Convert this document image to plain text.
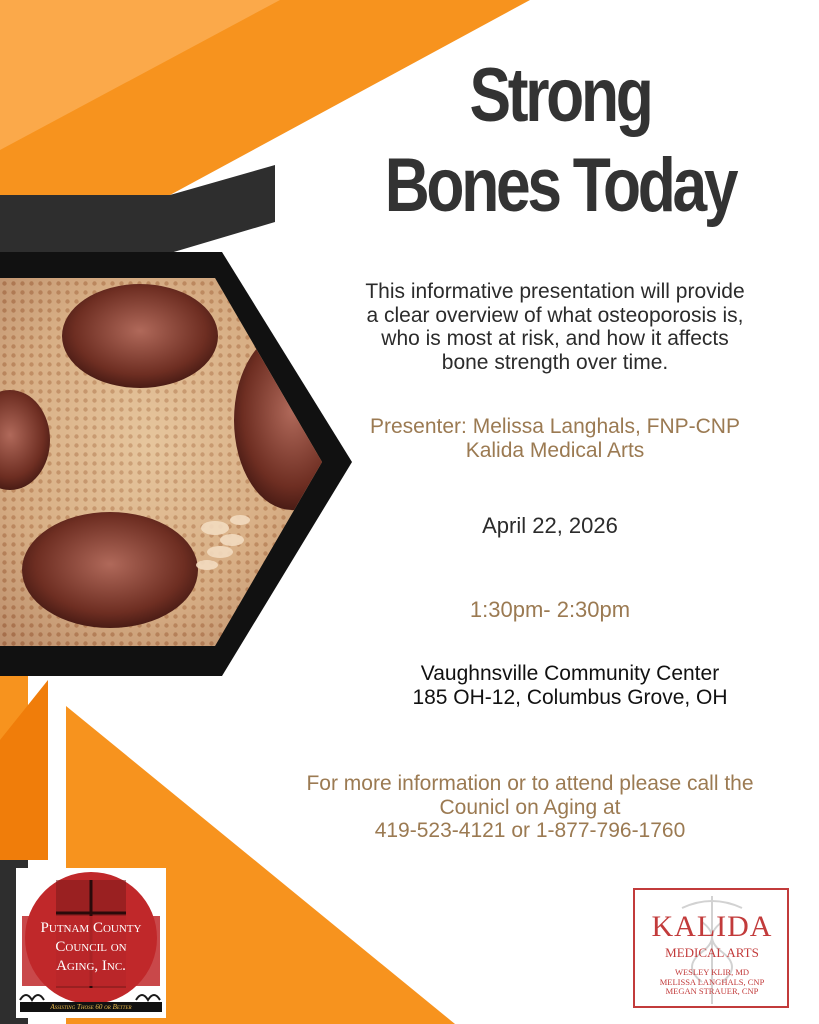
Strong
Bones Today
This informative presentation will provide
a clear overview of what osteoporosis is,
who is most at risk, and how it affects
bone strength over time.
Presenter: Melissa Langhals, FNP-CNP
Kalida Medical Arts
April 22, 2026
1:30pm- 2:30pm
Vaughnsville Community Center
185 OH-12, Columbus Grove, OH
For more information or to attend please call the
Counicl on Aging at
419-523-4121 or 1-877-796-1760
Putnam County
Council on
Aging, Inc.
Assisting Those 60 or Better
KALIDA
MEDICAL ARTS
WESLEY KLIR, MD
MELISSA LANGHALS, CNP
MEGAN STRAUER, CNP
